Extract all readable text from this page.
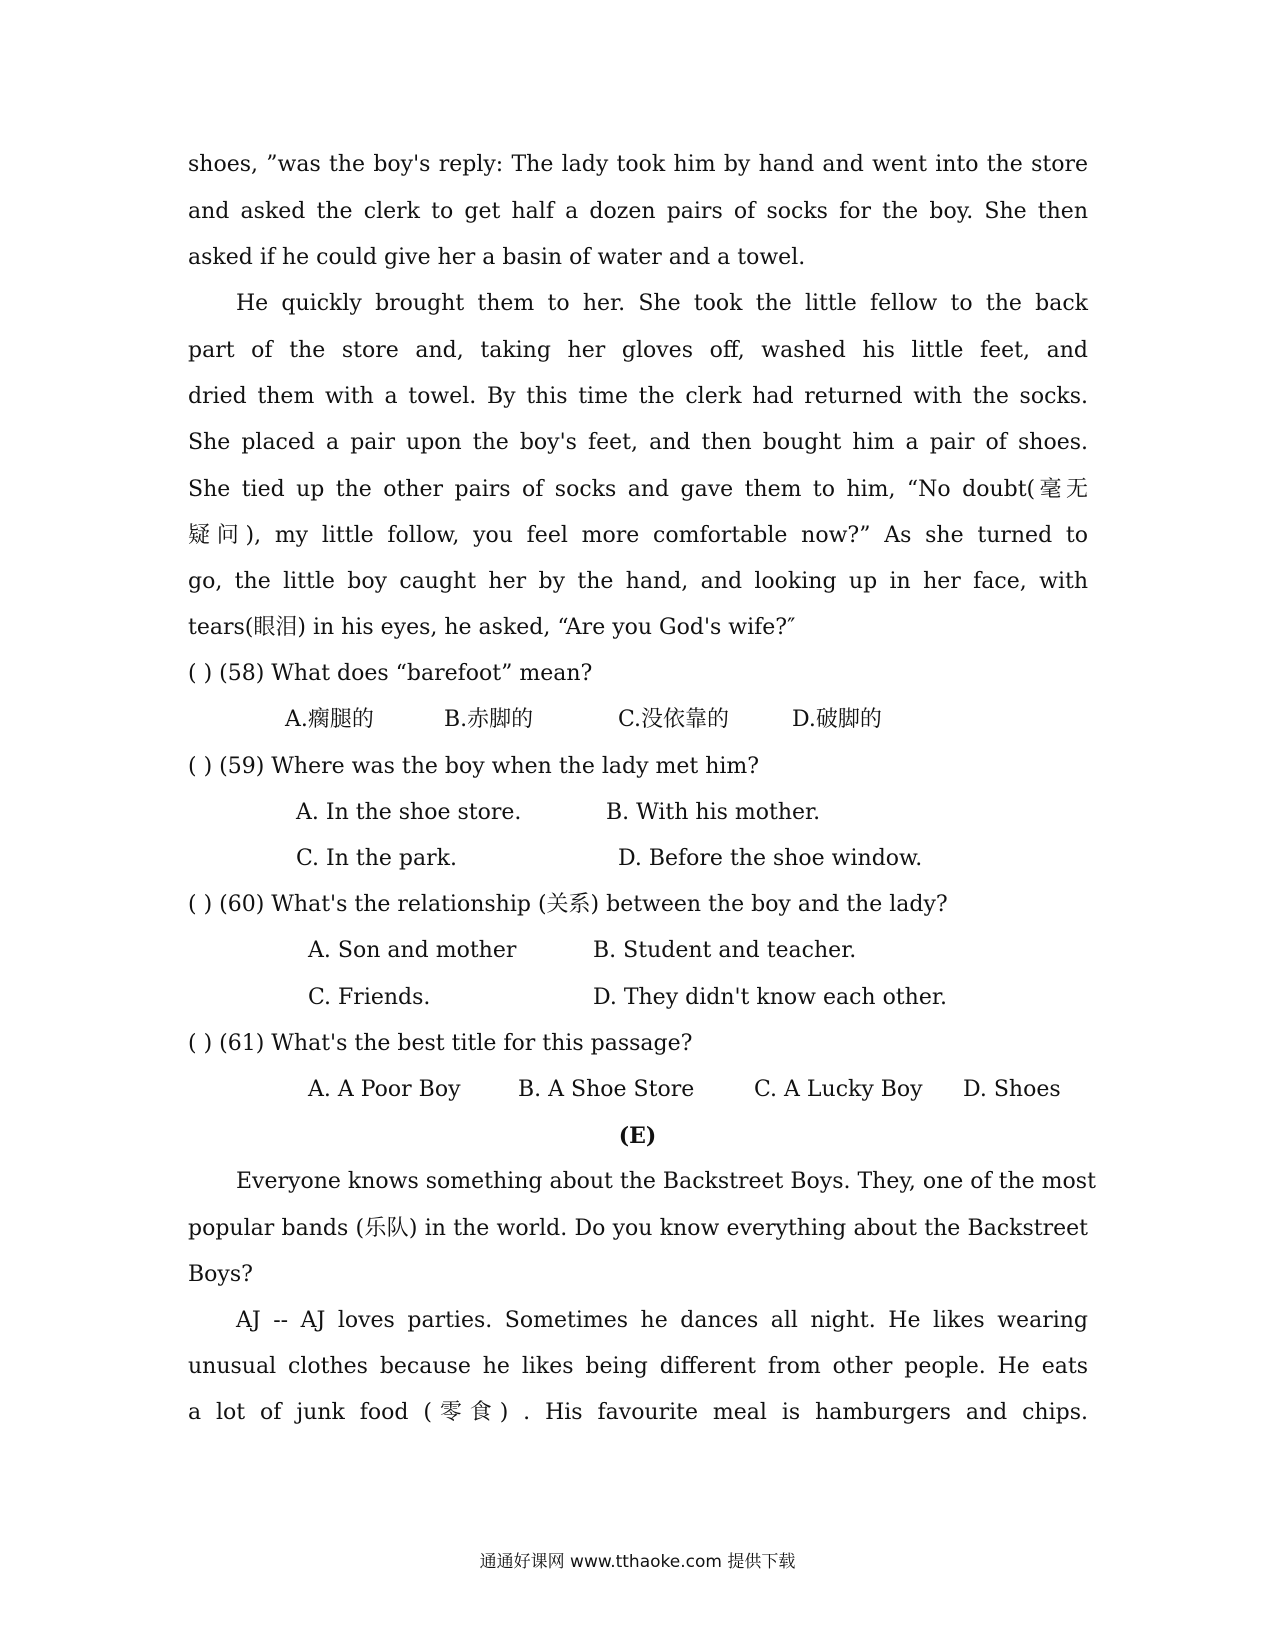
shoes, ”was the boy's reply: The lady took him by hand and went into the store
and asked the clerk to get half a dozen pairs of socks for the boy. She then
asked if he could give her a basin of water and a towel.
He quickly brought them to her. She took the little fellow to the back
part of the store and, taking her gloves off, washed his little feet, and
dried them with a towel. By this time the clerk had returned with the socks.
She placed a pair upon the boy's feet, and then bought him a pair of shoes.
She tied up the other pairs of socks and gave them to him, “No doubt(毫无
疑问), my little follow, you feel more comfortable now?” As she turned to
go, the little boy caught her by the hand, and looking up in her face, with
tears(眼泪) in his eyes, he asked, “Are you God's wife?″
( ) (58) What does “barefoot” mean?
A.瘸腿的	B.赤脚的	C.没依靠的	D.破脚的
( ) (59) Where was the boy when the lady met him?
A. In the shoe store.	B. With his mother.
C. In the park.	D. Before the shoe window.
( ) (60) What's the relationship (关系) between the boy and the lady?
A. Son and mother	B. Student and teacher.
C. Friends.	D. They didn't know each other.
( ) (61) What's the best title for this passage?
A. A Poor Boy	B. A Shoe Store	C. A Lucky Boy D. Shoes
(E)
Everyone knows something about the Backstreet Boys. They, one of the most
popular bands (乐队) in the world. Do you know everything about the Backstreet
Boys?
AJ -- AJ loves parties. Sometimes he dances all night. He likes wearing
unusual clothes because he likes being different from other people. He eats
a lot of junk food (零食) . His favourite meal is hamburgers and chips.
通通好课网 www.tthaoke.com 提供下载
